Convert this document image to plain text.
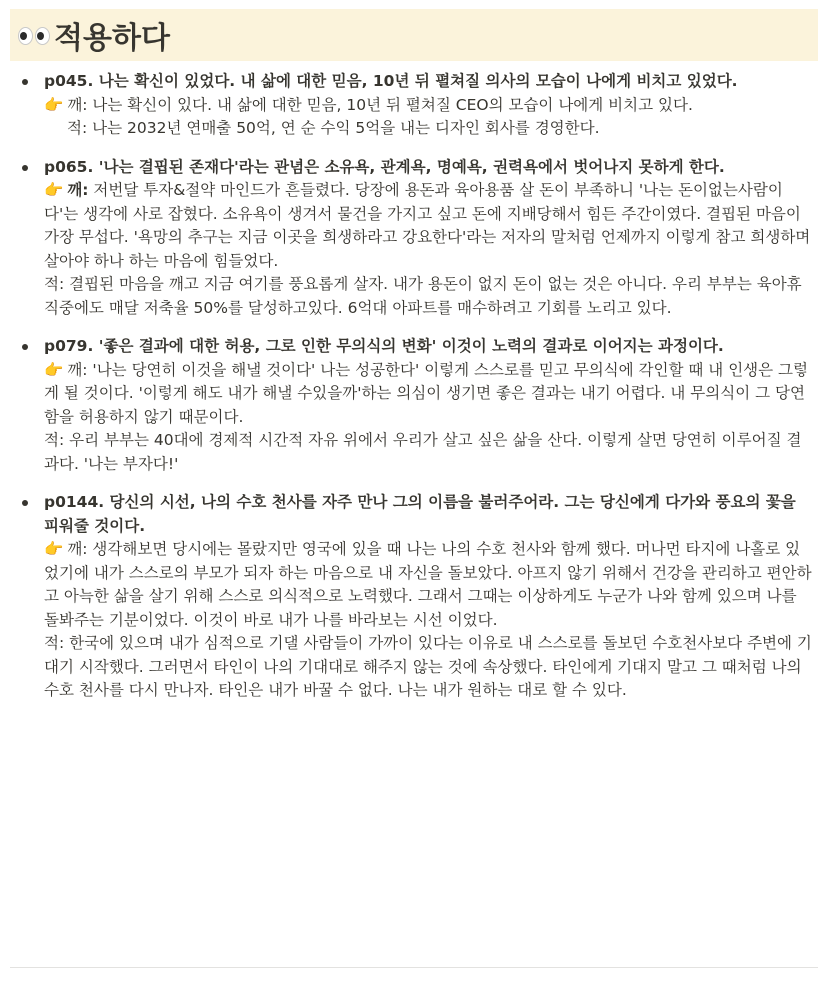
적용하다
p045. 나는 확신이 있었다. 내 삶에 대한 믿음, 10년 뒤 펼쳐질 의사의 모습이 나에게 비치고 있었다.
👉 깨: 나는 확신이 있다. 내 삶에 대한 믿음, 10년 뒤 펼쳐질 CEO의 모습이 나에게 비치고 있다.
적: 나는 2032년 연매출 50억, 연 순 수익 5억을 내는 디자인 회사를 경영한다.
p065. '나는 결핍된 존재다'라는 관념은 소유욕, 관계욕, 명예욕, 권력욕에서 벗어나지 못하게 한다.
👉 깨: 저번달 투자&절약 마인드가 흔들렸다. 당장에 용돈과 육아용품 살 돈이 부족하니 '나는 돈이없는사람이다'는 생각에 사로 잡혔다. 소유욕이 생겨서 물건을 가지고 싶고 돈에 지배당해서 힘든 주간이였다. 결핍된 마음이 가장 무섭다. '욕망의 추구는 지금 이곳을 희생하라고 강요한다'라는 저자의 말처럼 언제까지 이렇게 참고 희생하며 살아야 하나 하는 마음에 힘들었다.
적: 결핍된 마음을 깨고 지금 여기를 풍요롭게 살자. 내가 용돈이 없지 돈이 없는 것은 아니다. 우리 부부는 육아휴직중에도 매달 저축율 50%를 달성하고있다. 6억대 아파트를 매수하려고 기회를 노리고 있다.
p079. '좋은 결과에 대한 허용, 그로 인한 무의식의 변화' 이것이 노력의 결과로 이어지는 과정이다.
👉 깨: '나는 당연히 이것을 해낼 것이다' 나는 성공한다' 이렇게 스스로를 믿고 무의식에 각인할 때 내 인생은 그렇게 될 것이다. '이렇게 해도 내가 해낼 수있을까'하는 의심이 생기면 좋은 결과는 내기 어렵다. 내 무의식이 그 당연함을 허용하지 않기 때문이다.
적: 우리 부부는 40대에 경제적 시간적 자유 위에서 우리가 살고 싶은 삶을 산다. 이렇게 살면 당연히 이루어질 결과다. '나는 부자다!'
p0144. 당신의 시선, 나의 수호 천사를 자주 만나 그의 이름을 불러주어라. 그는 당신에게 다가와 풍요의 꽃을 피워줄 것이다.
👉 깨: 생각해보면 당시에는 몰랐지만 영국에 있을 때 나는 나의 수호 천사와 함께 했다. 머나먼 타지에 나홀로 있었기에 내가 스스로의 부모가 되자 하는 마음으로 내 자신을 돌보았다. 아프지 않기 위해서 건강을 관리하고 편안하고 아늑한 삶을 살기 위해 스스로 의식적으로 노력했다. 그래서 그때는 이상하게도 누군가 나와 함께 있으며 나를 돌봐주는 기분이었다. 이것이 바로 내가 나를 바라보는 시선 이었다.
적: 한국에 있으며 내가 심적으로 기댈 사람들이 가까이 있다는 이유로 내 스스로를 돌보던 수호천사보다 주변에 기대기 시작했다. 그러면서 타인이 나의 기대대로 해주지 않는 것에 속상했다. 타인에게 기대지 말고 그 때처럼 나의 수호 천사를 다시 만나자. 타인은 내가 바꿀 수 없다. 나는 내가 원하는 대로 할 수 있다.
